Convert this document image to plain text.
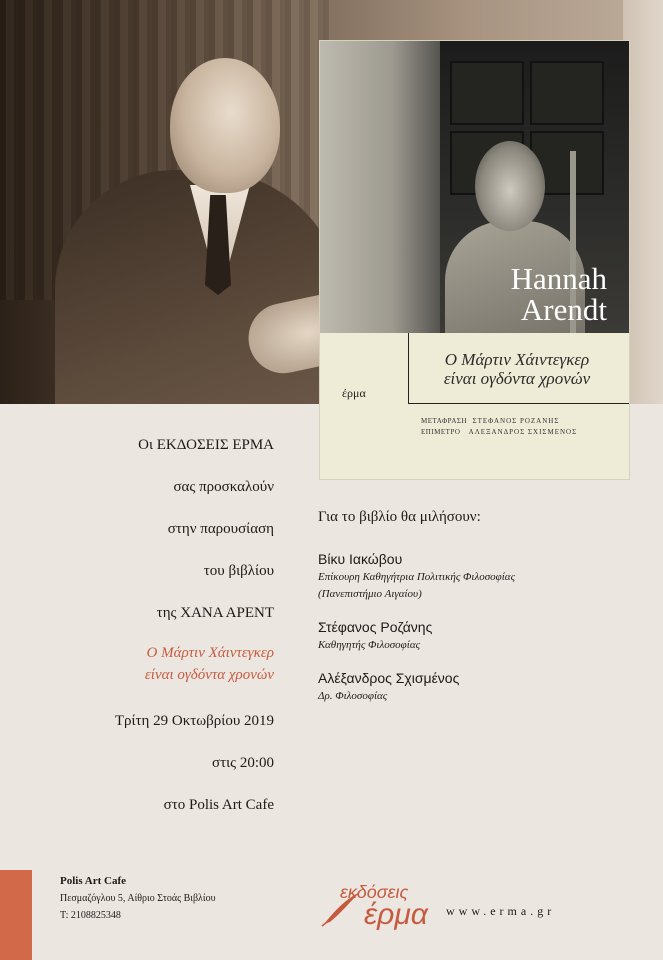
Hannah
Arendt
Ο Μάρτιν Χάιντεγκερ
είναι ογδόντα χρονών
έρμα
ΜΕΤΑΦΡΑΣΗ ΣΤΕΦΑΝΟΣ ΡΟΖΑΝΗΣ
ΕΠΙΜΕΤΡΟ ΑΛΕΞΑΝΔΡΟΣ ΣΧΙΣΜΕΝΟΣ
Οι ΕΚΔΟΣΕΙΣ ΕΡΜΑ
σας προσκαλούν
στην παρουσίαση
του βιβλίου
της ΧΑΝΑ ΑΡΕΝΤ
Ο Μάρτιν Χάιντεγκερ
είναι ογδόντα χρονών
Τρίτη 29 Οκτωβρίου 2019
στις 20:00
στο Polis Art Cafe
Για το βιβλίο θα μιλήσουν:
Βίκυ Ιακώβου
Επίκουρη Καθηγήτρια Πολιτικής Φιλοσοφίας
(Πανεπιστήμιο Αιγαίου)
Στέφανος Ροζάνης
Καθηγητής Φιλοσοφίας
Αλέξανδρος Σχισμένος
Δρ. Φιλοσοφίας
Polis Art Cafe
Πεσμαζόγλου 5, Αίθριο Στοάς Βιβλίου
Τ: 2108825348
εκδόσεις
έρμα www.erma.gr
